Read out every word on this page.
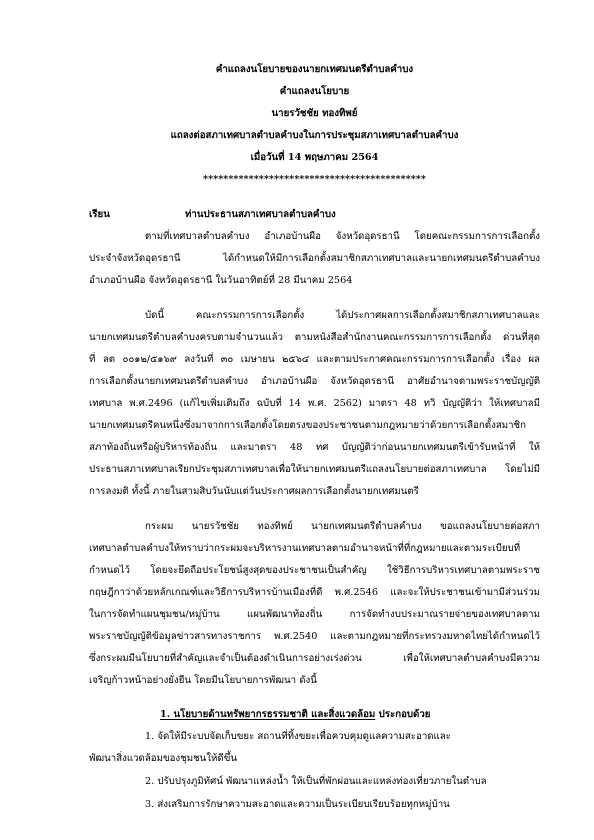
คำแถลงนโยบายของนายกเทศมนตรีตำบลคำบง
คำแถลงนโยบาย
นายรวัชชัย ทองทิพย์
แถลงต่อสภาเทศบาลตำบลคำบงในการประชุมสภาเทศบาลตำบลคำบง
เมื่อวันที่ 14 พฤษภาคม 2564
********************************************
เรียน	ท่านประธานสภาเทศบาลตำบลคำบง
ตามที่เทศบาลตำบลคำบง อำเภอบ้านผือ จังหวัดอุดรธานี โดยคณะกรรมการการเลือกตั้ง
ประจำจังหวัดอุดรธานี ได้กำหนดให้มีการเลือกตั้งสมาชิกสภาเทศบาลและนายกเทศมนตรีตำบลคำบง
อำเภอบ้านผือ จังหวัดอุดรธานี ในวันอาทิตย์ที่ 28 มีนาคม 2564
บัดนี้ คณะกรรมการการเลือกตั้ง ได้ประกาศผลการเลือกตั้งสมาชิกสภาเทศบาลและ
นายกเทศมนตรีตำบลคำบงครบตามจำนวนแล้ว ตามหนังสือสำนักงานคณะกรรมการการเลือกตั้ง ด่วนที่สุด
ที่ ลต ๐๐๑๒/๕๑๖๙ ลงวันที่ ๓๐ เมษายน ๒๕๖๔ และตามประกาศคณะกรรมการการเลือกตั้ง เรื่อง ผล
การเลือกตั้งนายกเทศมนตรีตำบลคำบง อำเภอบ้านผือ จังหวัดอุดรธานี อาศัยอำนาจตามพระราชบัญญัติ
เทศบาล พ.ศ.2496 (แก้ไขเพิ่มเติมถึง ฉบับที่ 14 พ.ศ. 2562) มาตรา 48 ทวิ บัญญัติว่า ให้เทศบาลมี
นายกเทศมนตรีคนหนึ่งซึ่งมาจากการเลือกตั้งโดยตรงของประชาชนตามกฎหมายว่าด้วยการเลือกตั้งสมาชิก
สภาท้องถิ่นหรือผู้บริหารท้องถิ่น และมาตรา 48 ทศ บัญญัติว่าก่อนนายกเทศมนตรีเข้ารับหน้าที่ ให้
ประธานสภาเทศบาลเรียกประชุมสภาเทศบาลเพื่อให้นายกเทศมนตรีแถลงนโยบายต่อสภาเทศบาล โดยไม่มี
การลงมติ ทั้งนี้ ภายในสามสิบวันนับแต่วันประกาศผลการเลือกตั้งนายกเทศมนตรี
กระผม นายรวัชชัย ทองทิพย์ นายกเทศมนตรีตำบลคำบง ขอแถลงนโยบายต่อสภา
เทศบาลตำบลคำบงให้ทราบว่ากระผมจะบริหารงานเทศบาลตามอำนาจหน้าที่ที่กฎหมายและตามระเบียบที่
กำหนดไว้ โดยจะยึดถือประโยชน์สูงสุดของประชาชนเป็นสำคัญ ใช้วิธีการบริหารเทศบาลตามพระราช
กฤษฎีกาว่าด้วยหลักเกณฑ์และวิธีการบริหารบ้านเมืองที่ดี พ.ศ.2546 และจะให้ประชาชนเข้ามามีส่วนร่วม
ในการจัดทำแผนชุมชน/หมู่บ้าน แผนพัฒนาท้องถิ่น การจัดทำงบประมาณรายจ่ายของเทศบาลตาม
พระราชบัญญัติข้อมูลข่าวสารทางราชการ พ.ศ.2540 และตามกฎหมายที่กระทรวงมหาดไทยได้กำหนดไว้
ซึ่งกระผมมีนโยบายที่สำคัญและจำเป็นต้องดำเนินการอย่างเร่งด่วน เพื่อให้เทศบาลตำบลคำบงมีความ
เจริญก้าวหน้าอย่างยั่งยืน โดยมีนโยบายการพัฒนา ดังนี้
1. นโยบายด้านทรัพยากรธรรมชาติ และสิ่งแวดล้อม ประกอบด้วย
1. จัดให้มีระบบจัดเก็บขยะ สถานที่ทิ้งขยะเพื่อควบคุมดูแลความสะอาดและ
พัฒนาสิ่งแวดล้อมของชุมชนให้ดีขึ้น
2. ปรับปรุงภูมิทัศน์ พัฒนาแหล่งน้ำ ให้เป็นที่พักผ่อนและแหล่งท่องเที่ยวภายในตำบล
3. ส่งเสริมการรักษาความสะอาดและความเป็นระเบียบเรียบร้อยทุกหมู่บ้าน
